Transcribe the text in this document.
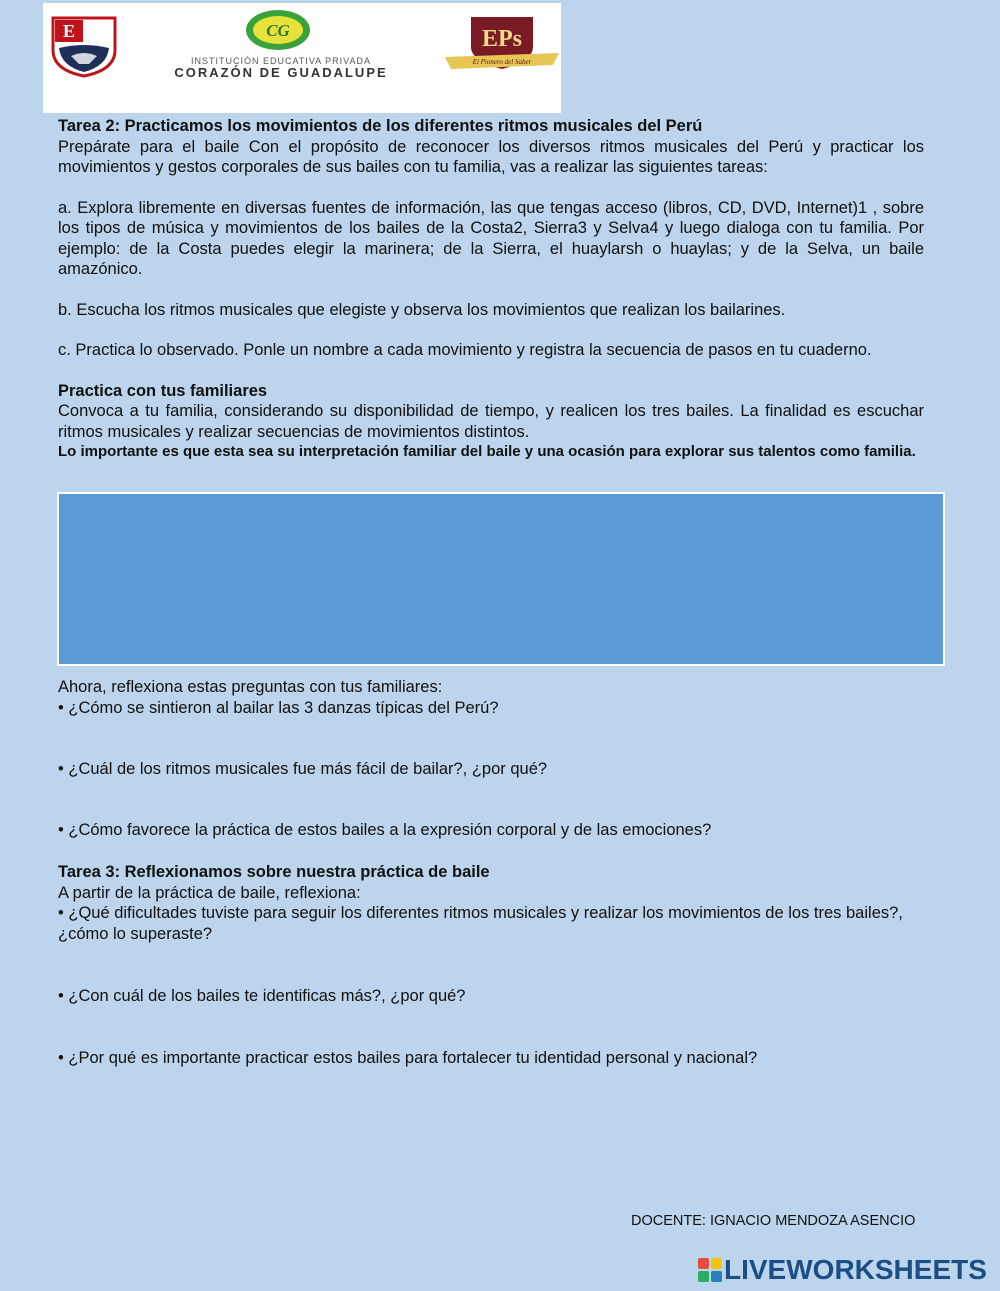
E	CG
INSTITUCIÓN EDUCATIVA PRIVADA
CORAZÓN DE GUADALUPE
EPs
El Pionero del Saber

Tarea 2: Practicamos los movimientos de los diferentes ritmos musicales del Perú

Prepárate para el baile Con el propósito de reconocer los diversos ritmos musicales del Perú y practicar los movimientos y gestos corporales de sus bailes con tu familia, vas a realizar las siguientes tareas:

a. Explora libremente en diversas fuentes de información, las que tengas acceso (libros, CD, DVD, Internet)1 , sobre los tipos de música y movimientos de los bailes de la Costa2, Sierra3 y Selva4 y luego dialoga con tu familia. Por ejemplo: de la Costa puedes elegir la marinera; de la Sierra, el huaylarsh o huaylas; y de la Selva, un baile amazónico.

b. Escucha los ritmos musicales que elegiste y observa los movimientos que realizan los bailarines.

c. Practica lo observado. Ponle un nombre a cada movimiento y registra la secuencia de pasos en tu cuaderno.

Practica con tus familiares

Convoca a tu familia, considerando su disponibilidad de tiempo, y realicen los tres bailes. La finalidad es escuchar ritmos musicales y realizar secuencias de movimientos distintos.

Lo importante es que esta sea su interpretación familiar del baile y una ocasión para explorar sus talentos como familia.

Ahora, reflexiona estas preguntas con tus familiares:

• ¿Cómo se sintieron al bailar las 3 danzas típicas del Perú?

• ¿Cuál de los ritmos musicales fue más fácil de bailar?, ¿por qué?
• ¿Cómo favorece la práctica de estos bailes a la expresión corporal y de las emociones?

Tarea 3: Reflexionamos sobre nuestra práctica de baile

A partir de la práctica de baile, reflexiona:

• ¿Qué dificultades tuviste para seguir los diferentes ritmos musicales y realizar los movimientos de los tres bailes?, ¿cómo lo superaste?

• ¿Con cuál de los bailes te identificas más?, ¿por qué?
• ¿Por qué es importante practicar estos bailes para fortalecer tu identidad personal y nacional?
DOCENTE: IGNACIO MENDOZA ASENCIO
LIVEWORKSHEETS
